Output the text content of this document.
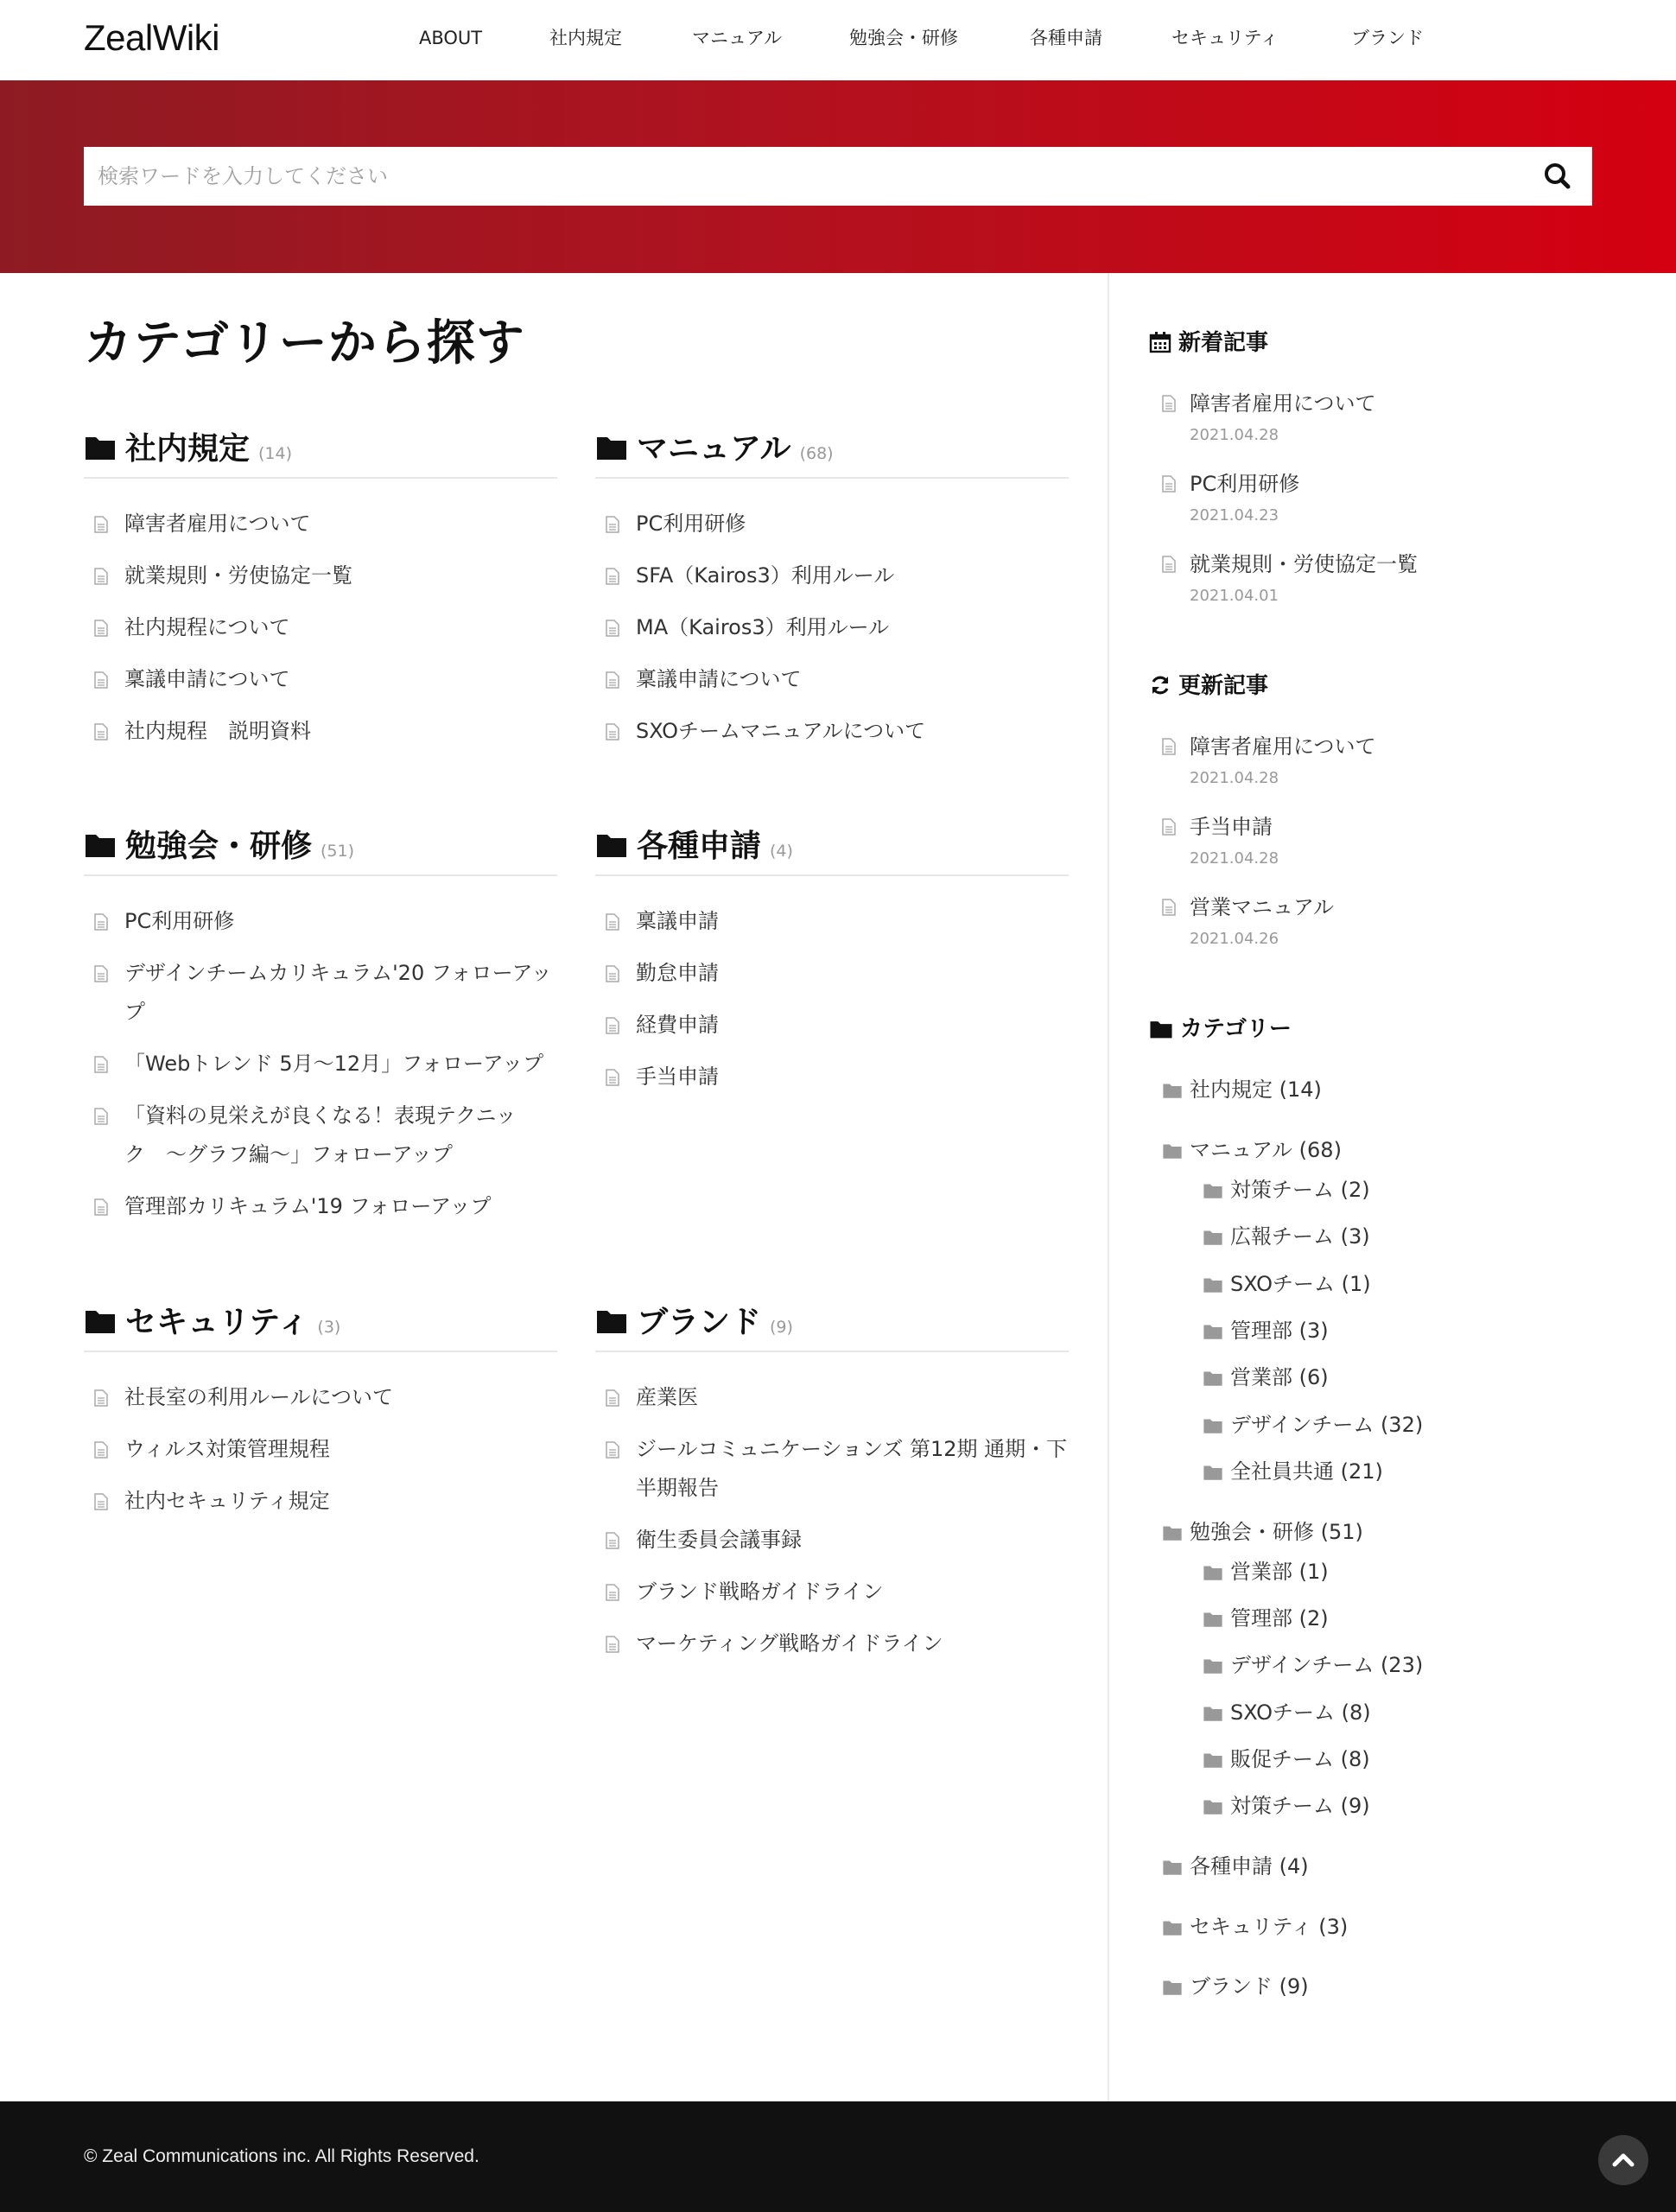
ZealWiki	ABOUT	社内規定	マニュアル	勉強会・研修	各種申請	セキュリティ	ブランド
検索ワードを入力してください
カテゴリーから探す
社内規定 (14)
障害者雇用について
就業規則・労使協定一覧
社内規程について
稟議申請について
社内規程　説明資料
マニュアル (68)
PC利用研修
SFA（Kairos3）利用ルール
MA（Kairos3）利用ルール
稟議申請について
SXOチームマニュアルについて
勉強会・研修 (51)
PC利用研修
デザインチームカリキュラム'20 フォローアップ
「Webトレンド 5月〜12月」フォローアップ
「資料の見栄えが良くなる！表現テクニック　〜グラフ編〜」フォローアップ
管理部カリキュラム'19 フォローアップ
各種申請 (4)
稟議申請
勤怠申請
経費申請
手当申請
セキュリティ (3)
社長室の利用ルールについて
ウィルス対策管理規程
社内セキュリティ規定
ブランド (9)
産業医
ジールコミュニケーションズ 第12期 通期・下半期報告
衛生委員会議事録
ブランド戦略ガイドライン
マーケティング戦略ガイドライン
新着記事
障害者雇用について
2021.04.28
PC利用研修
2021.04.23
就業規則・労使協定一覧
2021.04.01
更新記事
障害者雇用について
2021.04.28
手当申請
2021.04.28
営業マニュアル
2021.04.26
カテゴリー
社内規定 (14)
マニュアル (68)
対策チーム (2)
広報チーム (3)
SXOチーム (1)
管理部 (3)
営業部 (6)
デザインチーム (32)
全社員共通 (21)
勉強会・研修 (51)
営業部 (1)
管理部 (2)
デザインチーム (23)
SXOチーム (8)
販促チーム (8)
対策チーム (9)
各種申請 (4)
セキュリティ (3)
ブランド (9)
© Zeal Communications inc. All Rights Reserved.
